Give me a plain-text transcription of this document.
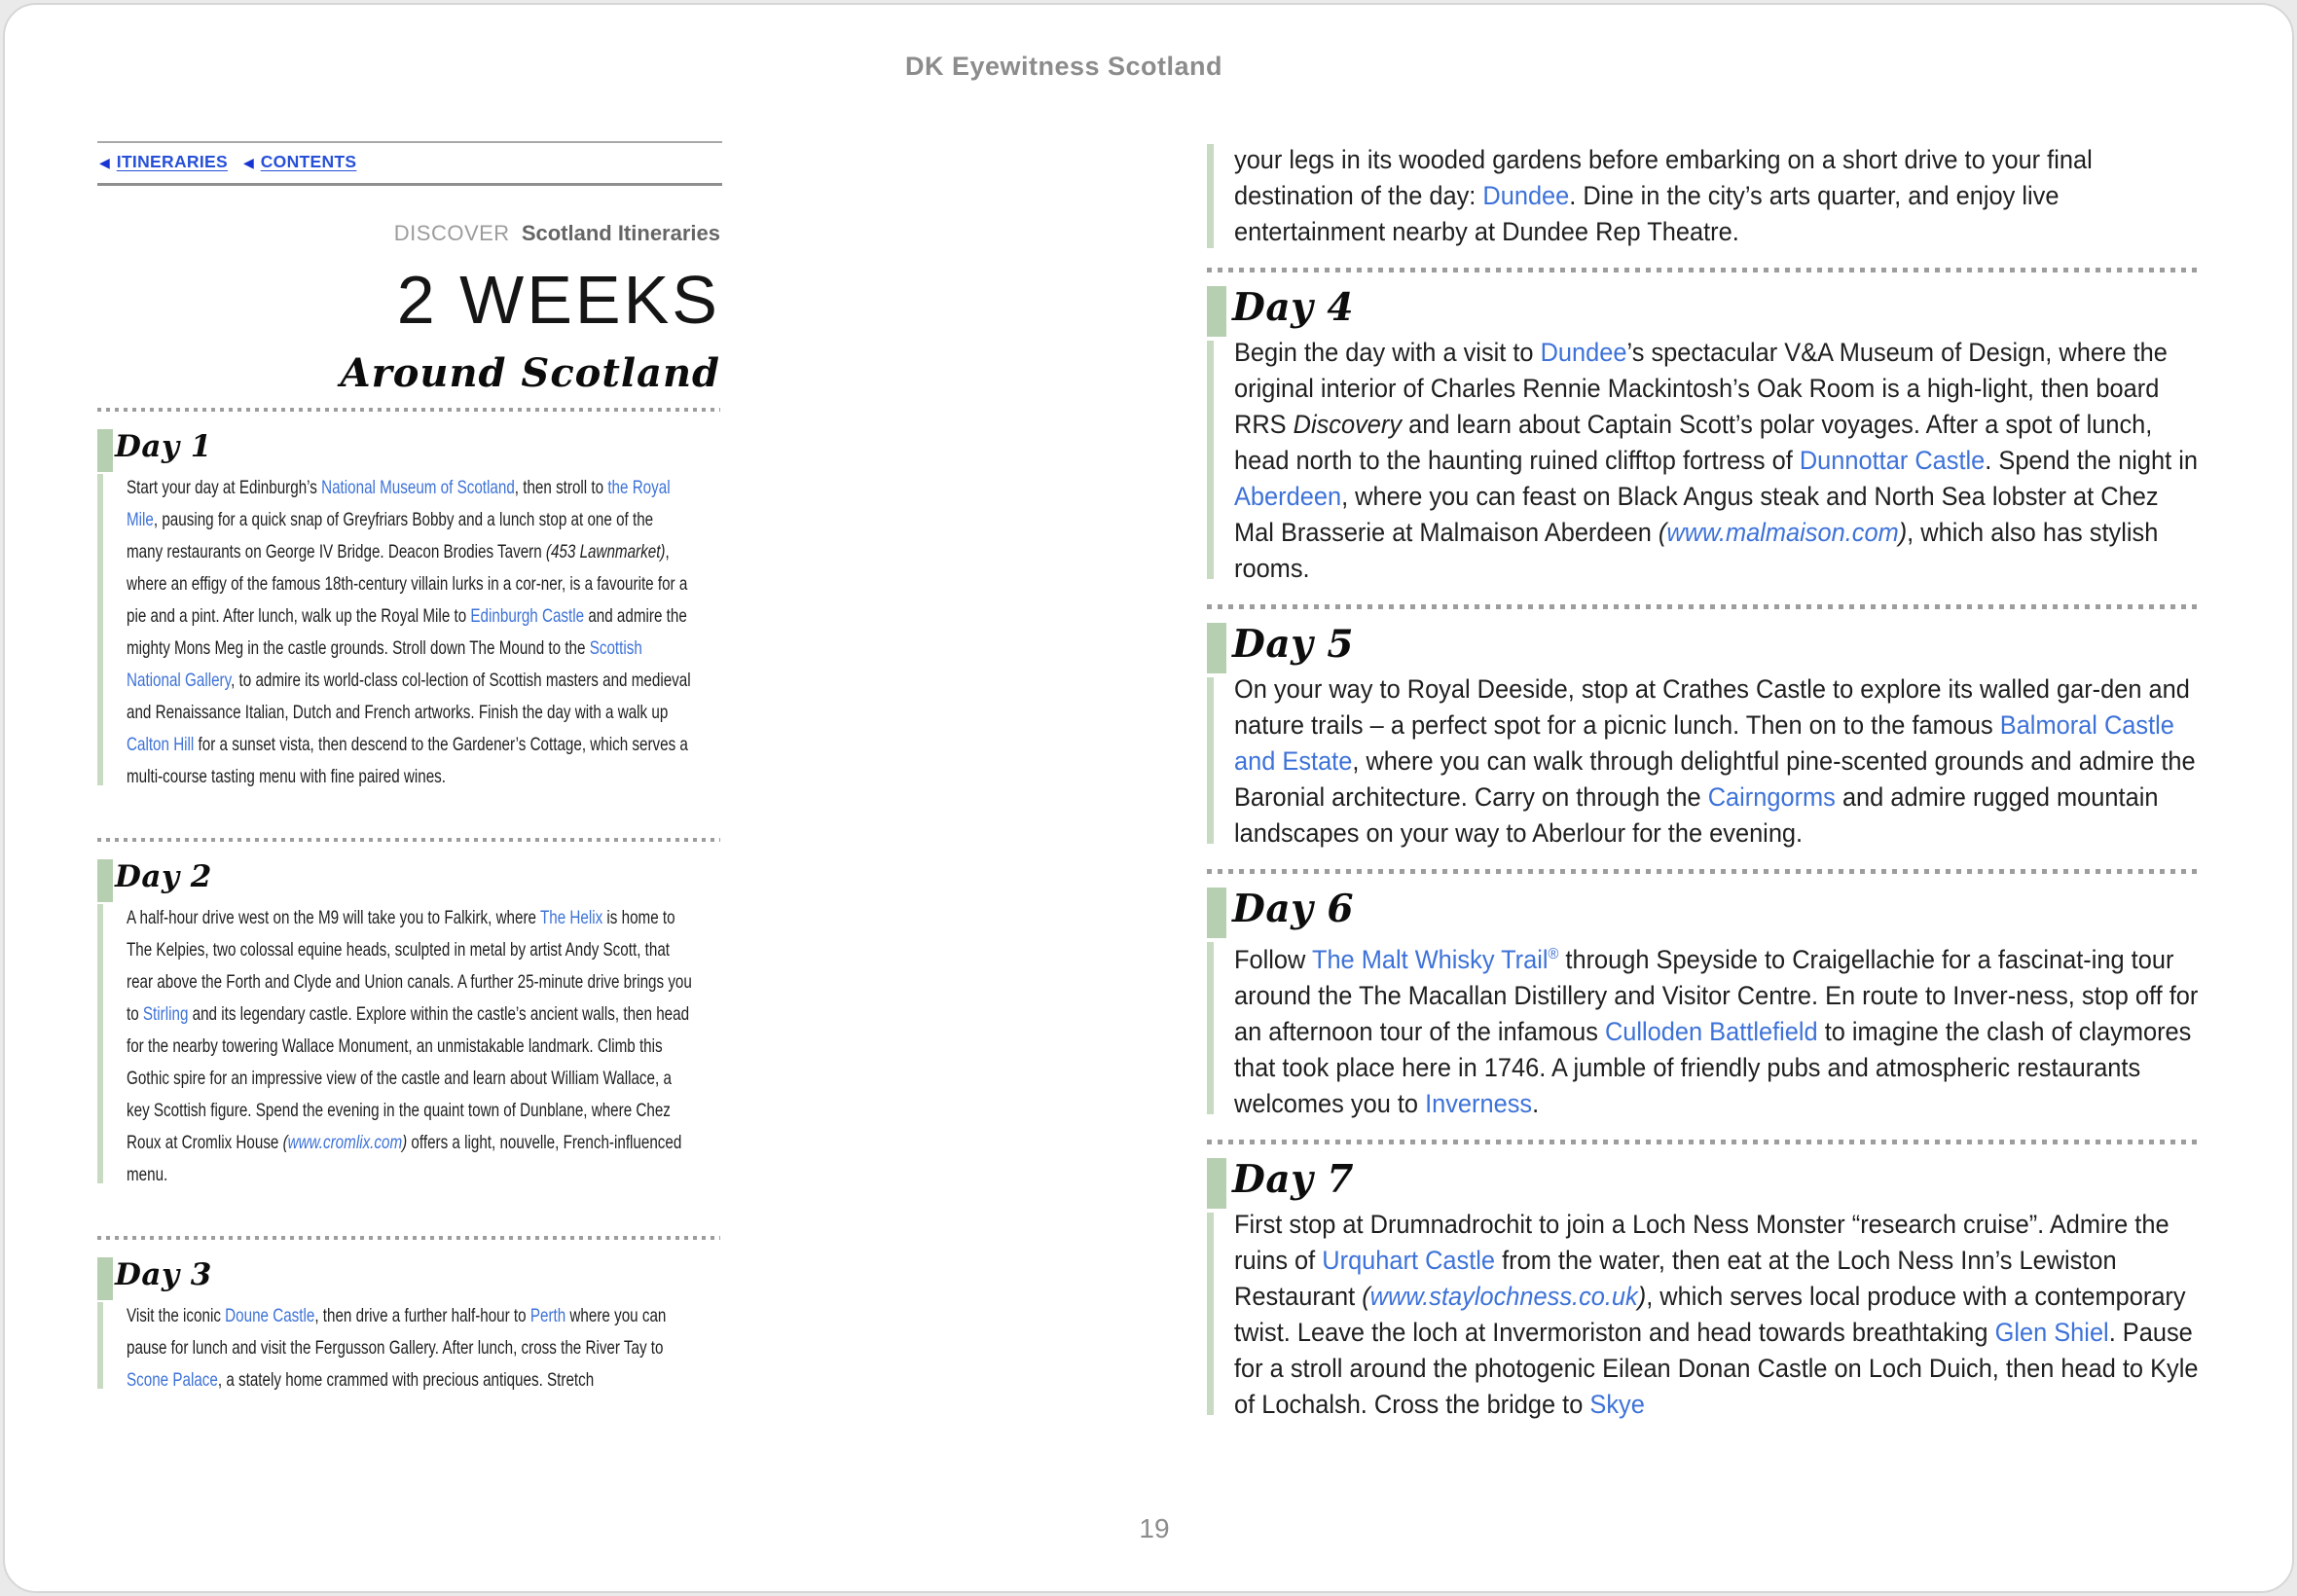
DK Eyewitness Scotland
◀ ITINERARIES ◀ CONTENTS
DISCOVER Scotland Itineraries
2 WEEKS
Around Scotland
Day 1

Start your day at Edinburgh’s National Museum of Scotland, then stroll to the Royal Mile, pausing for a quick snap of Greyfriars Bobby and a lunch stop at one of the many restaurants on George IV Bridge. Deacon Brodies Tavern (453 Lawnmarket), where an effigy of the famous 18th-century villain lurks in a cor-ner, is a favourite for a pie and a pint. After lunch, walk up the Royal Mile to Edinburgh Castle and admire the mighty Mons Meg in the castle grounds. Stroll down The Mound to the Scottish National Gallery, to admire its world-class col-lection of Scottish masters and medieval and Renaissance Italian, Dutch and French artworks. Finish the day with a walk up Calton Hill for a sunset vista, then descend to the Gardener’s Cottage, which serves a multi-course tasting menu with fine paired wines.

Day 2

A half-hour drive west on the M9 will take you to Falkirk, where The Helix is home to The Kelpies, two colossal equine heads, sculpted in metal by artist Andy Scott, that rear above the Forth and Clyde and Union canals. A further 25-minute drive brings you to Stirling and its legendary castle. Explore within the castle’s ancient walls, then head for the nearby towering Wallace Monument, an unmistakable landmark. Climb this Gothic spire for an impressive view of the castle and learn about William Wallace, a key Scottish figure. Spend the evening in the quaint town of Dunblane, where Chez Roux at Cromlix House (www.cromlix.com) offers a light, nouvelle, French-influenced menu.

Day 3

Visit the iconic Doune Castle, then drive a further half-hour to Perth where you can pause for lunch and visit the Fergusson Gallery. After lunch, cross the River Tay to Scone Palace, a stately home crammed with precious antiques. Stretch

your legs in its wooded gardens before embarking on a short drive to your final destination of the day: Dundee. Dine in the city’s arts quarter, and enjoy live entertainment nearby at Dundee Rep Theatre.

Day 4

Begin the day with a visit to Dundee’s spectacular V&A Museum of Design, where the original interior of Charles Rennie Mackintosh’s Oak Room is a high-light, then board RRS Discovery and learn about Captain Scott’s polar voyages. After a spot of lunch, head north to the haunting ruined clifftop fortress of Dunnottar Castle. Spend the night in Aberdeen, where you can feast on Black Angus steak and North Sea lobster at Chez Mal Brasserie at Malmaison Aberdeen (www.malmaison.com), which also has stylish rooms.

Day 5

On your way to Royal Deeside, stop at Crathes Castle to explore its walled gar-den and nature trails – a perfect spot for a picnic lunch. Then on to the famous Balmoral Castle and Estate, where you can walk through delightful pine-scented grounds and admire the Baronial architecture. Carry on through the Cairngorms and admire rugged mountain landscapes on your way to Aberlour for the evening.

Day 6

Follow The Malt Whisky Trail® through Speyside to Craigellachie for a fascinat-ing tour around the The Macallan Distillery and Visitor Centre. En route to Inver-ness, stop off for an afternoon tour of the infamous Culloden Battlefield to imagine the clash of claymores that took place here in 1746. A jumble of friendly pubs and atmospheric restaurants welcomes you to Inverness.

Day 7

First stop at Drumnadrochit to join a Loch Ness Monster “research cruise”. Admire the ruins of Urquhart Castle from the water, then eat at the Loch Ness Inn’s Lewiston Restaurant (www.staylochness.co.uk), which serves local produce with a contemporary twist. Leave the loch at Invermoriston and head towards breathtaking Glen Shiel. Pause for a stroll around the photogenic Eilean Donan Castle on Loch Duich, then head to Kyle of Lochalsh. Cross the bridge to Skye

19
